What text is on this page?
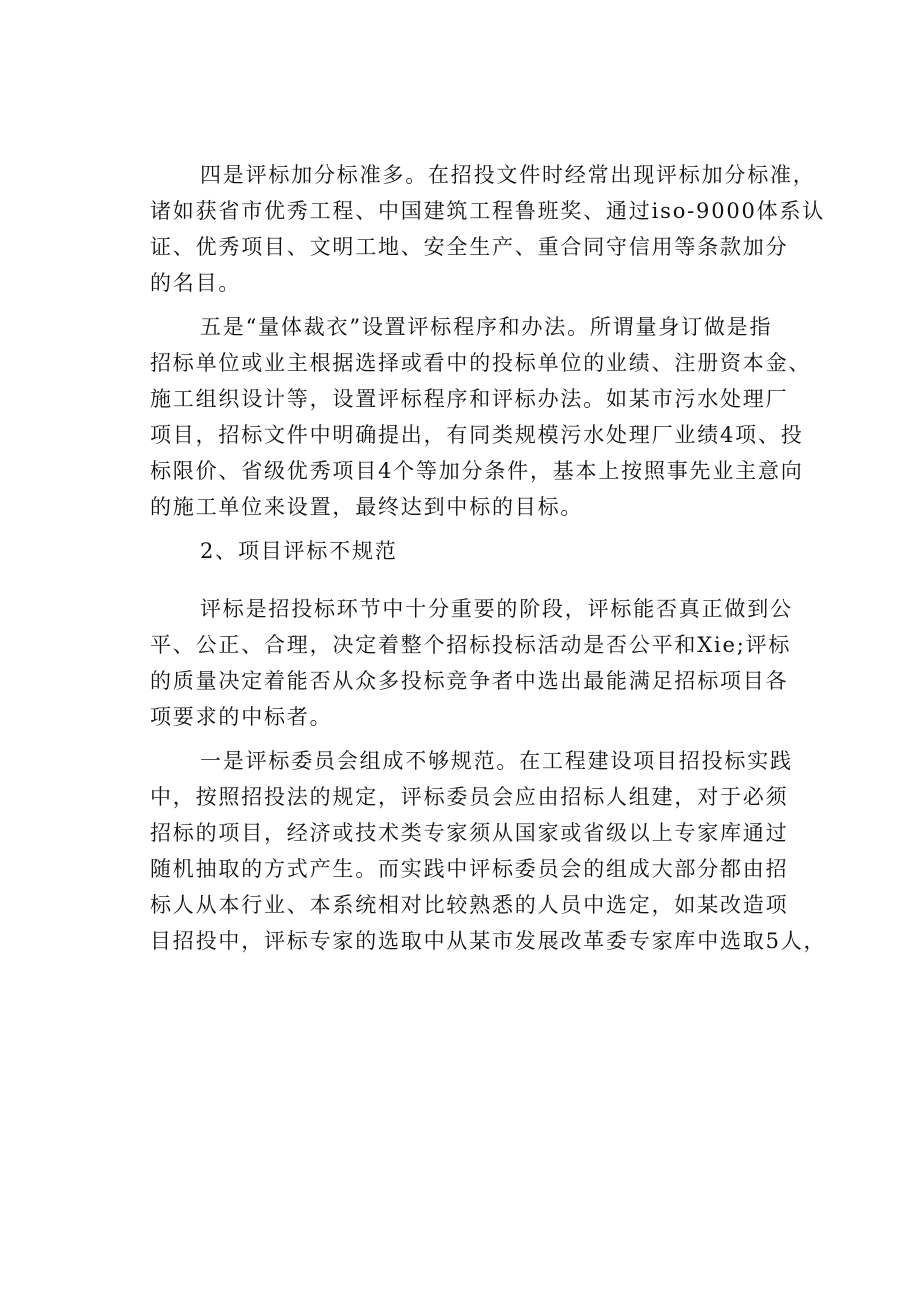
四是评标加分标准多。在招投文件时经常出现评标加分标准，
诸如获省市优秀工程、中国建筑工程鲁班奖、通过iso-9000体系认
证、优秀项目、文明工地、安全生产、重合同守信用等条款加分
的名目。
五是“量体裁衣”设置评标程序和办法。所谓量身订做是指
招标单位或业主根据选择或看中的投标单位的业绩、注册资本金、
施工组织设计等，设置评标程序和评标办法。如某市污水处理厂
项目，招标文件中明确提出，有同类规模污水处理厂业绩4项、投
标限价、省级优秀项目4个等加分条件，基本上按照事先业主意向
的施工单位来设置，最终达到中标的目标。
2、项目评标不规范
评标是招投标环节中十分重要的阶段，评标能否真正做到公
平、公正、合理，决定着整个招标投标活动是否公平和Xie;评标
的质量决定着能否从众多投标竞争者中选出最能满足招标项目各
项要求的中标者。
一是评标委员会组成不够规范。在工程建设项目招投标实践
中，按照招投法的规定，评标委员会应由招标人组建，对于必须
招标的项目，经济或技术类专家须从国家或省级以上专家库通过
随机抽取的方式产生。而实践中评标委员会的组成大部分都由招
标人从本行业、本系统相对比较熟悉的人员中选定，如某改造项
目招投中，评标专家的选取中从某市发展改革委专家库中选取5人，
